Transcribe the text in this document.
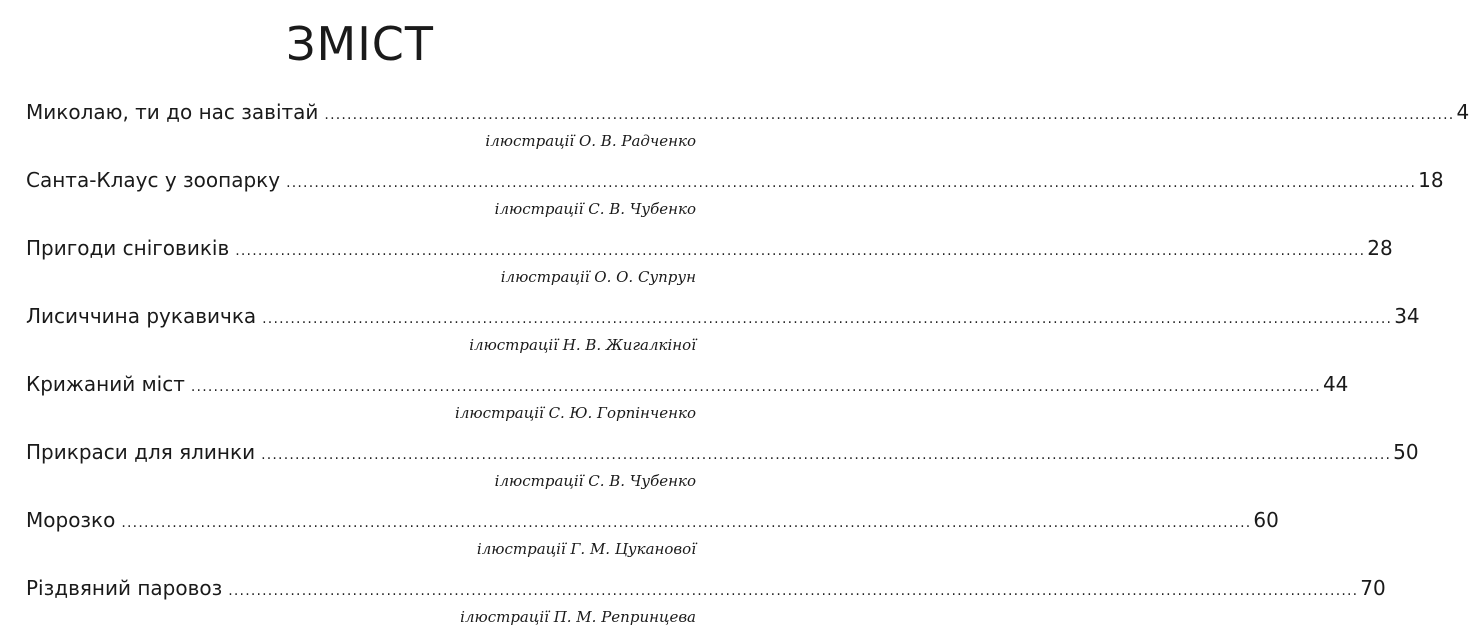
ЗМІСТ
Миколаю, ти до нас завітай ........................................................................................................................................................................................................ 4
ілюстрації О. В. Радченко
Санта-Клаус у зоопарку ........................................................................................................................................................................................................ 18
ілюстрації С. В. Чубенко
Пригоди сніговиків ........................................................................................................................................................................................................ 28
ілюстрації О. О. Супрун
Лисиччина рукавичка ........................................................................................................................................................................................................ 34
ілюстрації Н. В. Жигалкіної
Крижаний міст ........................................................................................................................................................................................................ 44
ілюстрації С. Ю. Горпінченко
Прикраси для ялинки ........................................................................................................................................................................................................ 50
ілюстрації С. В. Чубенко
Морозко ........................................................................................................................................................................................................ 60
ілюстрації Г. М. Цуканової
Різдвяний паровоз ........................................................................................................................................................................................................ 70
ілюстрації П. М. Репринцева
